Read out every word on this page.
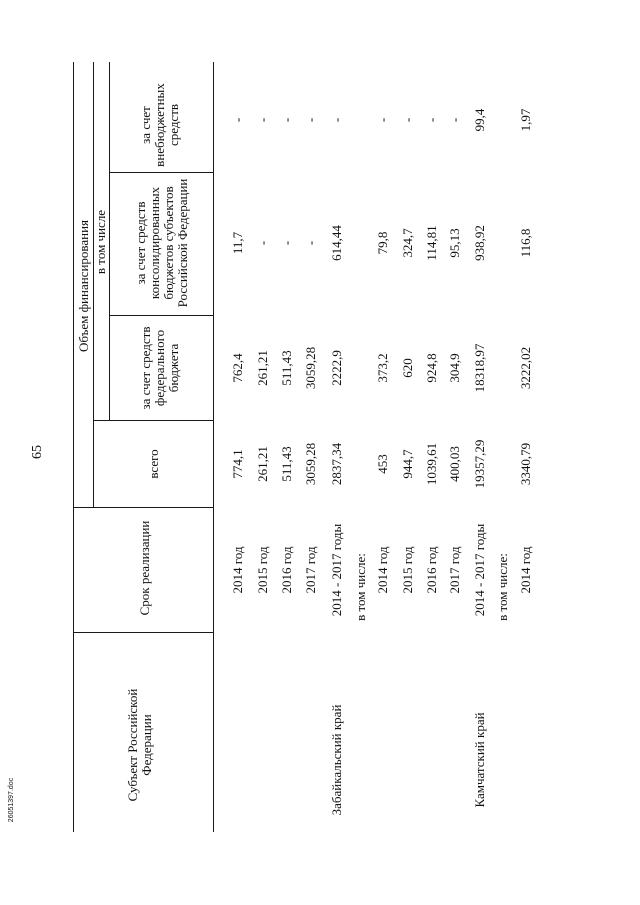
65
26051397.doc	Субъект Российской Федерации
Срок реализации
Объем финансирования в том числе
всего
за счет средств федерального бюджета
за счет средств консолидированных бюджетов субъектов Российской Федерации
за счет внебюджетных средств
2014 год
774,1
762,4
11,7
-
2015 год
261,21
261,21
-
-
2016 год
511,43
511,43
-
-
2017 год
3059,28
3059,28
-
-
Забайкальский край
2014 - 2017 годы
2837,34
2222,9
614,44
-
в том числе: 2014 год
453
373,2
79,8
-
2015 год
944,7
620
324,7
-
2016 год
1039,61
924,8
114,81
-
2017 год
400,03
304,9
95,13
-
Камчатский край
2014 - 2017 годы
19357,29
18318,97
938,92
99,4
в том числе: 2014 год
3340,79
3222,02
116,8
1,97
